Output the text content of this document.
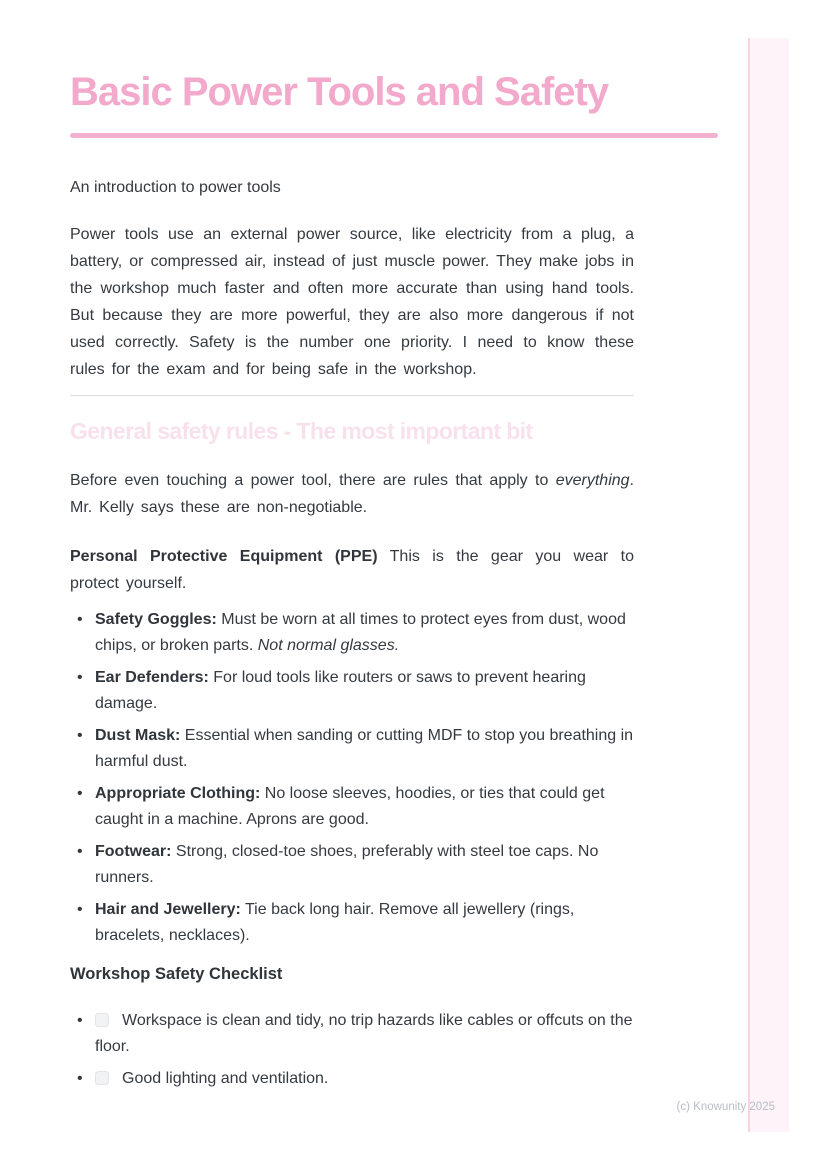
Basic Power Tools and Safety

An introduction to power tools

Power tools use an external power source, like electricity from a plug, a battery, or compressed air, instead of just muscle power. They make jobs in the workshop much faster and often more accurate than using hand tools. But because they are more powerful, they are also more dangerous if not used correctly. Safety is the number one priority. I need to know these rules for the exam and for being safe in the workshop.

General safety rules - The most important bit

Before even touching a power tool, there are rules that apply to everything. Mr. Kelly says these are non-negotiable.

Personal Protective Equipment (PPE) This is the gear you wear to protect yourself.

• Safety Goggles: Must be worn at all times to protect eyes from dust, wood chips, or broken parts. Not normal glasses.
• Ear Defenders: For loud tools like routers or saws to prevent hearing damage.
• Dust Mask: Essential when sanding or cutting MDF to stop you breathing in harmful dust.
• Appropriate Clothing: No loose sleeves, hoodies, or ties that could get caught in a machine. Aprons are good.
• Footwear: Strong, closed-toe shoes, preferably with steel toe caps. No runners.
• Hair and Jewellery: Tie back long hair. Remove all jewellery (rings, bracelets, necklaces).
Workshop Safety Checklist
• Workspace is clean and tidy, no trip hazards like cables or offcuts on the floor.
• Good lighting and ventilation.
(c) Knowunity 2025
